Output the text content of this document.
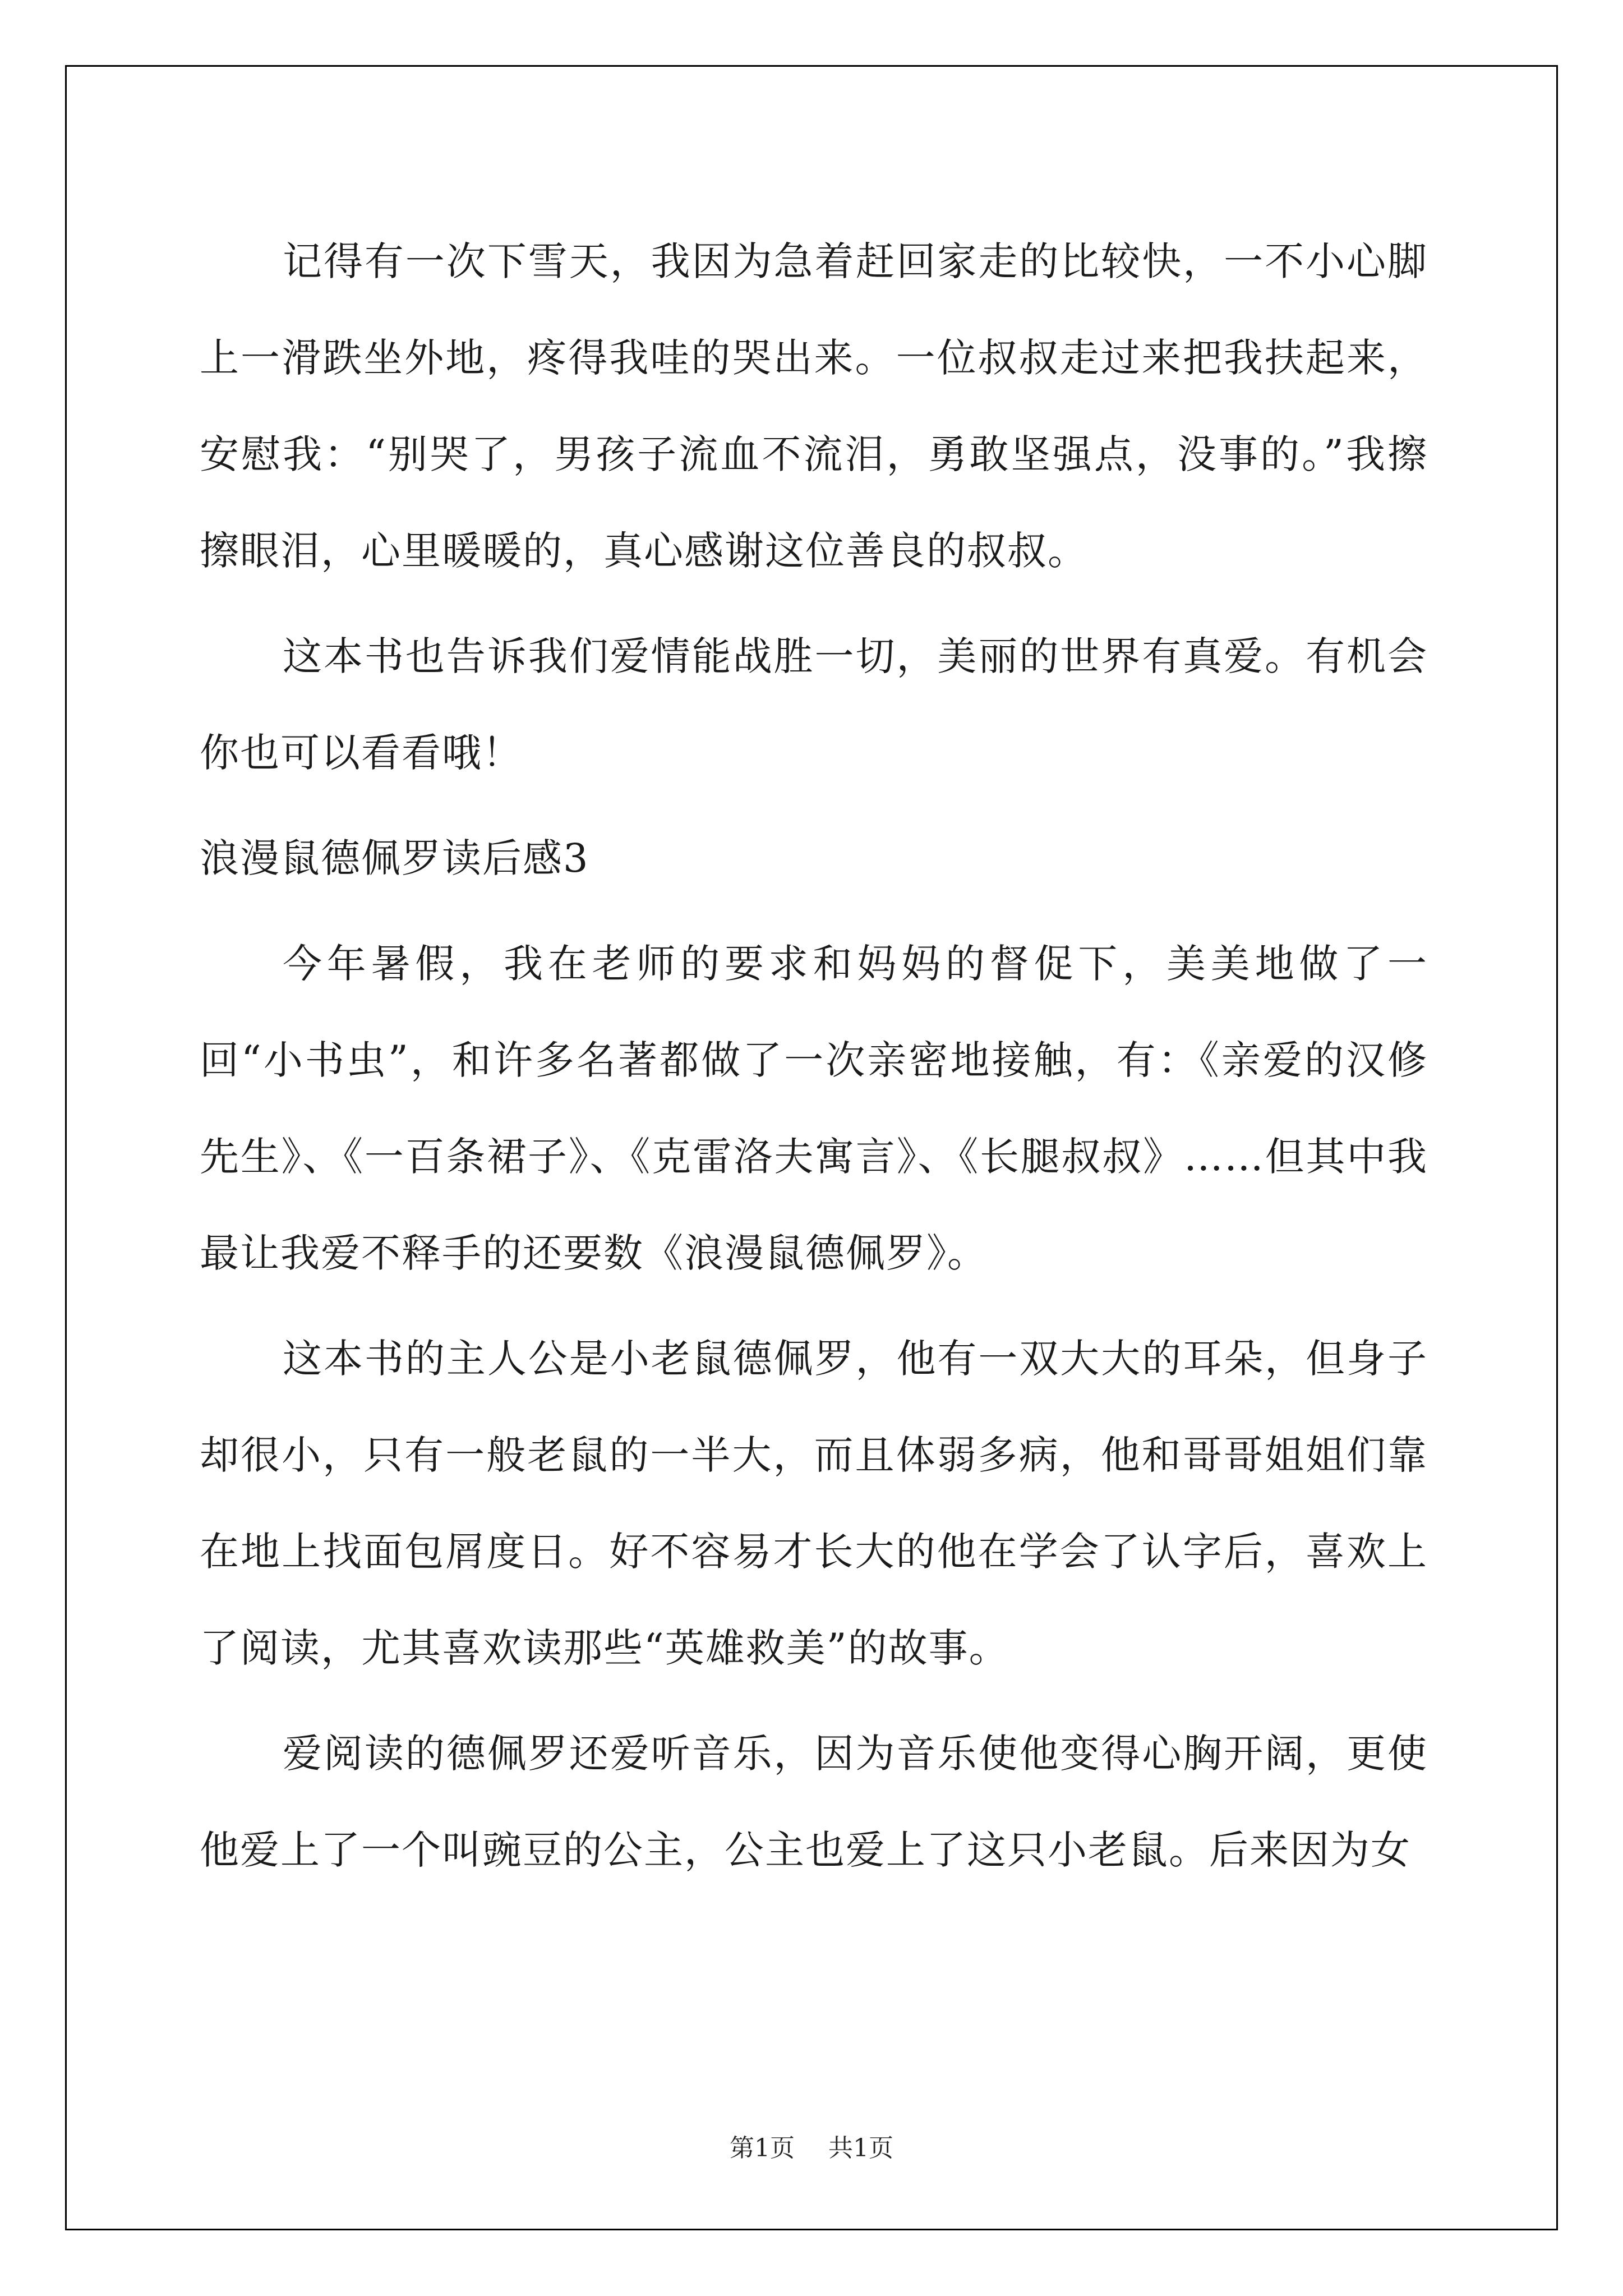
记得有一次下雪天，我因为急着赶回家走的比较快，一不小心脚上一滑跌坐外地，疼得我哇的哭出来。一位叔叔走过来把我扶起来，安慰我：“别哭了，男孩子流血不流泪，勇敢坚强点，没事的。”我擦擦眼泪，心里暖暖的，真心感谢这位善良的叔叔。

这本书也告诉我们爱情能战胜一切，美丽的世界有真爱。有机会你也可以看看哦！

浪漫鼠德佩罗读后感3

今年暑假，我在老师的要求和妈妈的督促下，美美地做了一回“小书虫”，和许多名著都做了一次亲密地接触，有：《亲爱的汉修先生》、《一百条裙子》、《克雷洛夫寓言》、《长腿叔叔》……但其中我最让我爱不释手的还要数《浪漫鼠德佩罗》。

这本书的主人公是小老鼠德佩罗，他有一双大大的耳朵，但身子却很小，只有一般老鼠的一半大，而且体弱多病，他和哥哥姐姐们靠在地上找面包屑度日。好不容易才长大的他在学会了认字后，喜欢上了阅读，尤其喜欢读那些“英雄救美”的故事。

爱阅读的德佩罗还爱听音乐，因为音乐使他变得心胸开阔，更使他爱上了一个叫豌豆的公主，公主也爱上了这只小老鼠。后来因为女

第1页 共1页
